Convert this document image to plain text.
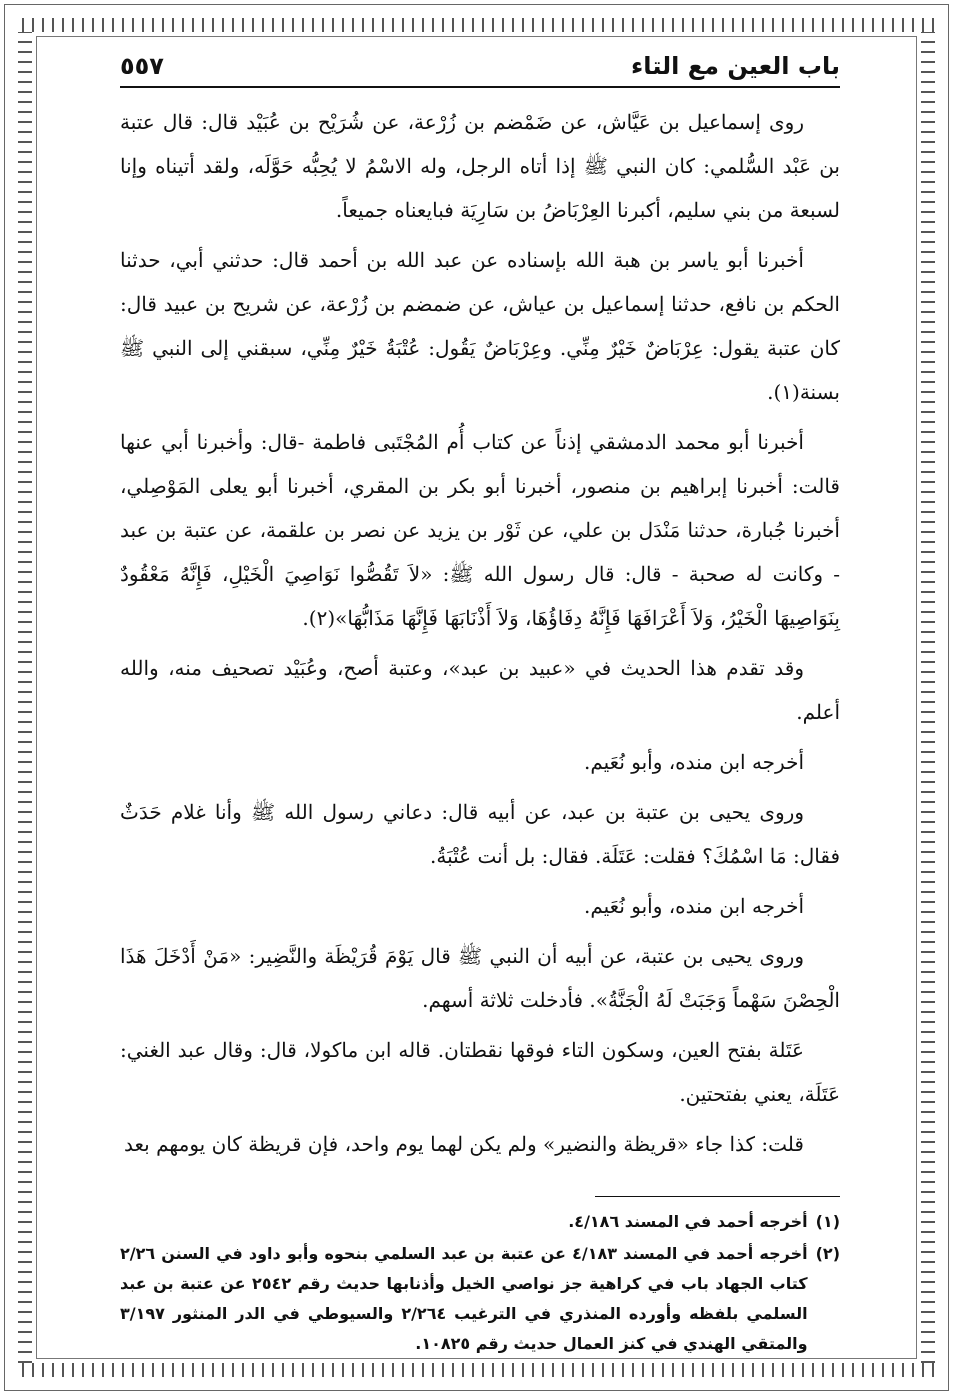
باب العين مع التاء
٥٥٧

روى إسماعيل بن عَيَّاش، عن ضَمْضم بن زُرْعة، عن شُرَيْح بن عُبَيْد قال: قال عتبة بن عَبْد السُّلمي: كان النبي ﷺ إذا أتاه الرجل، وله الاسْمُ لا يُحِبُّه حَوَّلَه، ولقد أتيناه وإنا لسبعة من بني سليم، أكبرنا العِرْبَاضُ بن سَارِيَة فبايعناه جميعاً.

أخبرنا أبو ياسر بن هبة الله بإسناده عن عبد الله بن أحمد قال: حدثني أبي، حدثنا الحكم بن نافع، حدثنا إسماعيل بن عياش، عن ضمضم بن زُرْعة، عن شريح بن عبيد قال: كان عتبة يقول: عِرْبَاضٌ خَيْرٌ مِنِّي. وعِرْبَاضٌ يَقُول: عُتْبَةُ خَيْرٌ مِنِّي، سبقني إلى النبي ﷺ بسنة(١).

أخبرنا أبو محمد الدمشقي إذناً عن كتاب أُم المُجْتَبى فاطمة -قال: وأخبرنا أبي عنها قالت: أخبرنا إبراهيم بن منصور، أخبرنا أبو بكر بن المقري، أخبرنا أبو يعلى المَوْصِلي، أخبرنا جُبارة، حدثنا مَنْدَل بن علي، عن ثَوْر بن يزيد عن نصر بن علقمة، عن عتبة بن عبد - وكانت له صحبة - قال: قال رسول الله ﷺ: «لاَ تَقُصُّوا نَوَاصِيَ الْخَيْلِ، فَإِنَّهُ مَعْقُودٌ بِنَوَاصِيهَا الْخَيْرُ، وَلاَ أَعْرَافَهَا فَإِنَّهُ دِفَاؤُهَا، وَلاَ أَذْنَابَهَا فَإِنَّهَا مَذَابُّهَا»(٢).

وقد تقدم هذا الحديث في «عبيد بن عبد»، وعتبة أصح، وعُبَيْد تصحيف منه، والله أعلم.

أخرجه ابن منده، وأبو نُعَيم.

وروى يحيى بن عتبة بن عبد، عن أبيه قال: دعاني رسول الله ﷺ وأنا غلام حَدَثٌ فقال: مَا اسْمُكَ؟ فقلت: عَتَلَة. فقال: بل أنت عُتْبَةُ.

أخرجه ابن منده، وأبو نُعَيم.

وروى يحيى بن عتبة، عن أبيه أن النبي ﷺ قال يَوْمَ قُرَيْظَة والنَّضِير: «مَنْ أَدْخَلَ هَذَا الْحِصْنَ سَهْماً وَجَبَتْ لَهُ الْجَنَّةُ». فأدخلت ثلاثة أسهم.

عَتَلة بفتح العين، وسكون التاء فوقها نقطتان. قاله ابن ماكولا، قال: وقال عبد الغني: عَتَلَة، يعني بفتحتين.

قلت: كذا جاء «قريظة والنضير» ولم يكن لهما يوم واحد، فإن قريظة كان يومهم بعد

(١)
أخرجه أحمد في المسند ٤/١٨٦.
(٢)
أخرجه أحمد في المسند ٤/١٨٣ عن عتبة بن عبد السلمي بنحوه وأبو داود في السنن ٢/٢٦ كتاب الجهاد باب في كراهية جز نواصي الخيل وأذنابها حديث رقم ٢٥٤٢ عن عتبة بن عبد السلمي بلفظه وأورده المنذري في الترغيب ٢/٢٦٤ والسيوطي في الدر المنثور ٣/١٩٧ والمتقي الهندي في كنز العمال حديث رقم ١٠٨٢٥.
